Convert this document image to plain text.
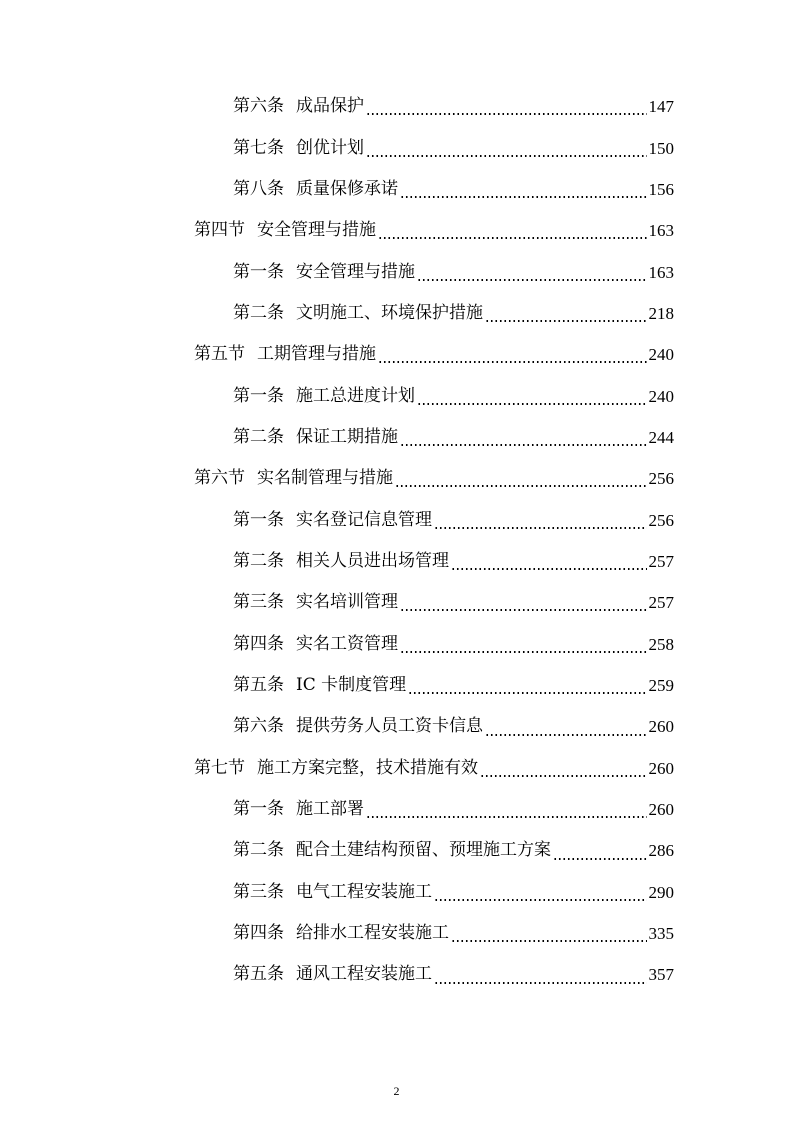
第六条 成品保护	147
第七条 创优计划	150
第八条 质量保修承诺	156
第四节 安全管理与措施	163
第一条 安全管理与措施	163
第二条 文明施工、环境保护措施	218
第五节 工期管理与措施	240
第一条 施工总进度计划	240
第二条 保证工期措施	244
第六节 实名制管理与措施	256
第一条 实名登记信息管理	256
第二条 相关人员进出场管理	257
第三条 实名培训管理	257
第四条 实名工资管理	258
第五条 IC 卡制度管理	259
第六条 提供劳务人员工资卡信息	260
第七节 施工方案完整，技术措施有效	260
第一条 施工部署	260
第二条 配合土建结构预留、预埋施工方案	286
第三条 电气工程安装施工	290
第四条 给排水工程安装施工	335
第五条 通风工程安装施工	357
2
